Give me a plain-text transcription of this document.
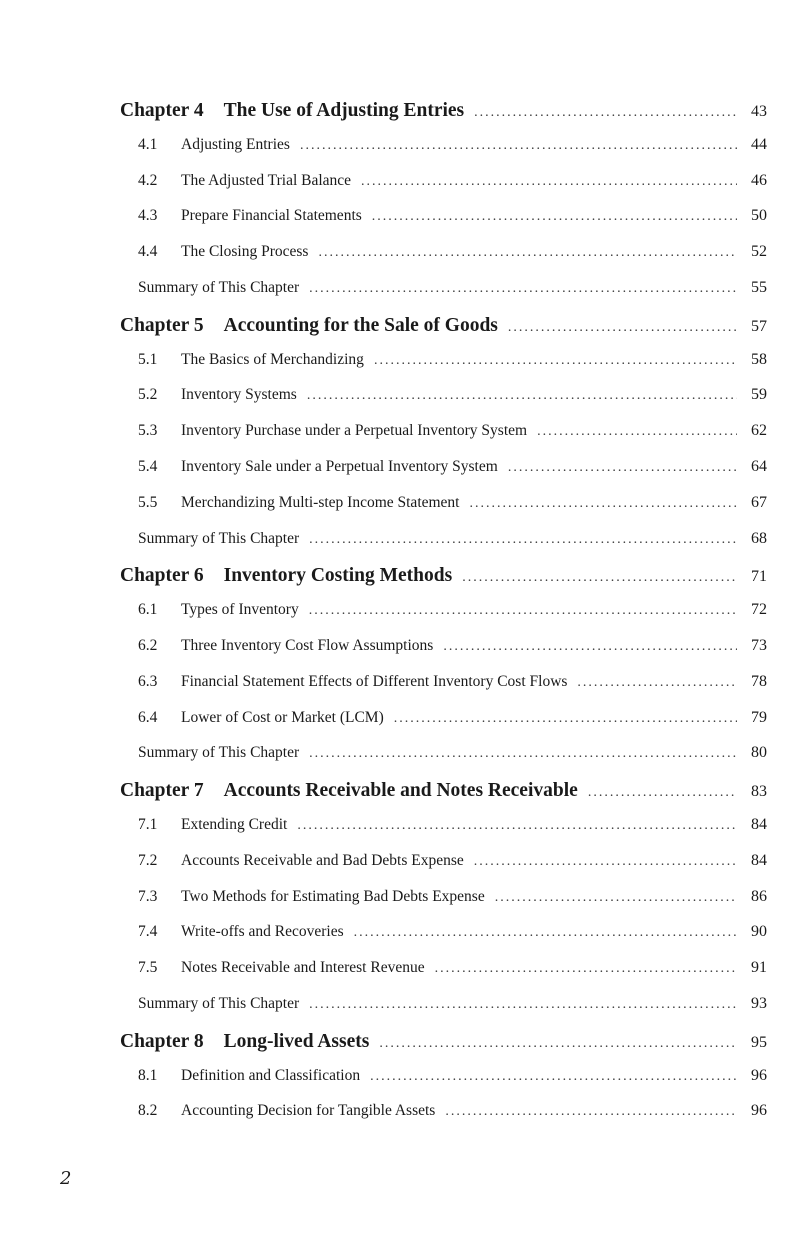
Chapter 4 The Use of Adjusting Entries .....	43
4.1	Adjusting Entries .....	44
4.2	The Adjusted Trial Balance .....	46
4.3	Prepare Financial Statements .....	50
4.4	The Closing Process .....	52
Summary of This Chapter .....	55
Chapter 5 Accounting for the Sale of Goods .....	57
5.1	The Basics of Merchandizing .....	58
5.2	Inventory Systems .....	59
5.3	Inventory Purchase under a Perpetual Inventory System .....	62
5.4	Inventory Sale under a Perpetual Inventory System .....	64
5.5	Merchandizing Multi-step Income Statement .....	67
Summary of This Chapter .....	68
Chapter 6 Inventory Costing Methods .....	71
6.1	Types of Inventory .....	72
6.2	Three Inventory Cost Flow Assumptions .....	73
6.3	Financial Statement Effects of Different Inventory Cost Flows .....	78
6.4	Lower of Cost or Market (LCM) .....	79
Summary of This Chapter .....	80
Chapter 7 Accounts Receivable and Notes Receivable .....	83
7.1	Extending Credit .....	84
7.2	Accounts Receivable and Bad Debts Expense .....	84
7.3	Two Methods for Estimating Bad Debts Expense .....	86
7.4	Write-offs and Recoveries .....	90
7.5	Notes Receivable and Interest Revenue .....	91
Summary of This Chapter .....	93
Chapter 8 Long-lived Assets .....	95
8.1	Definition and Classification .....	96
8.2	Accounting Decision for Tangible Assets .....	96
2
